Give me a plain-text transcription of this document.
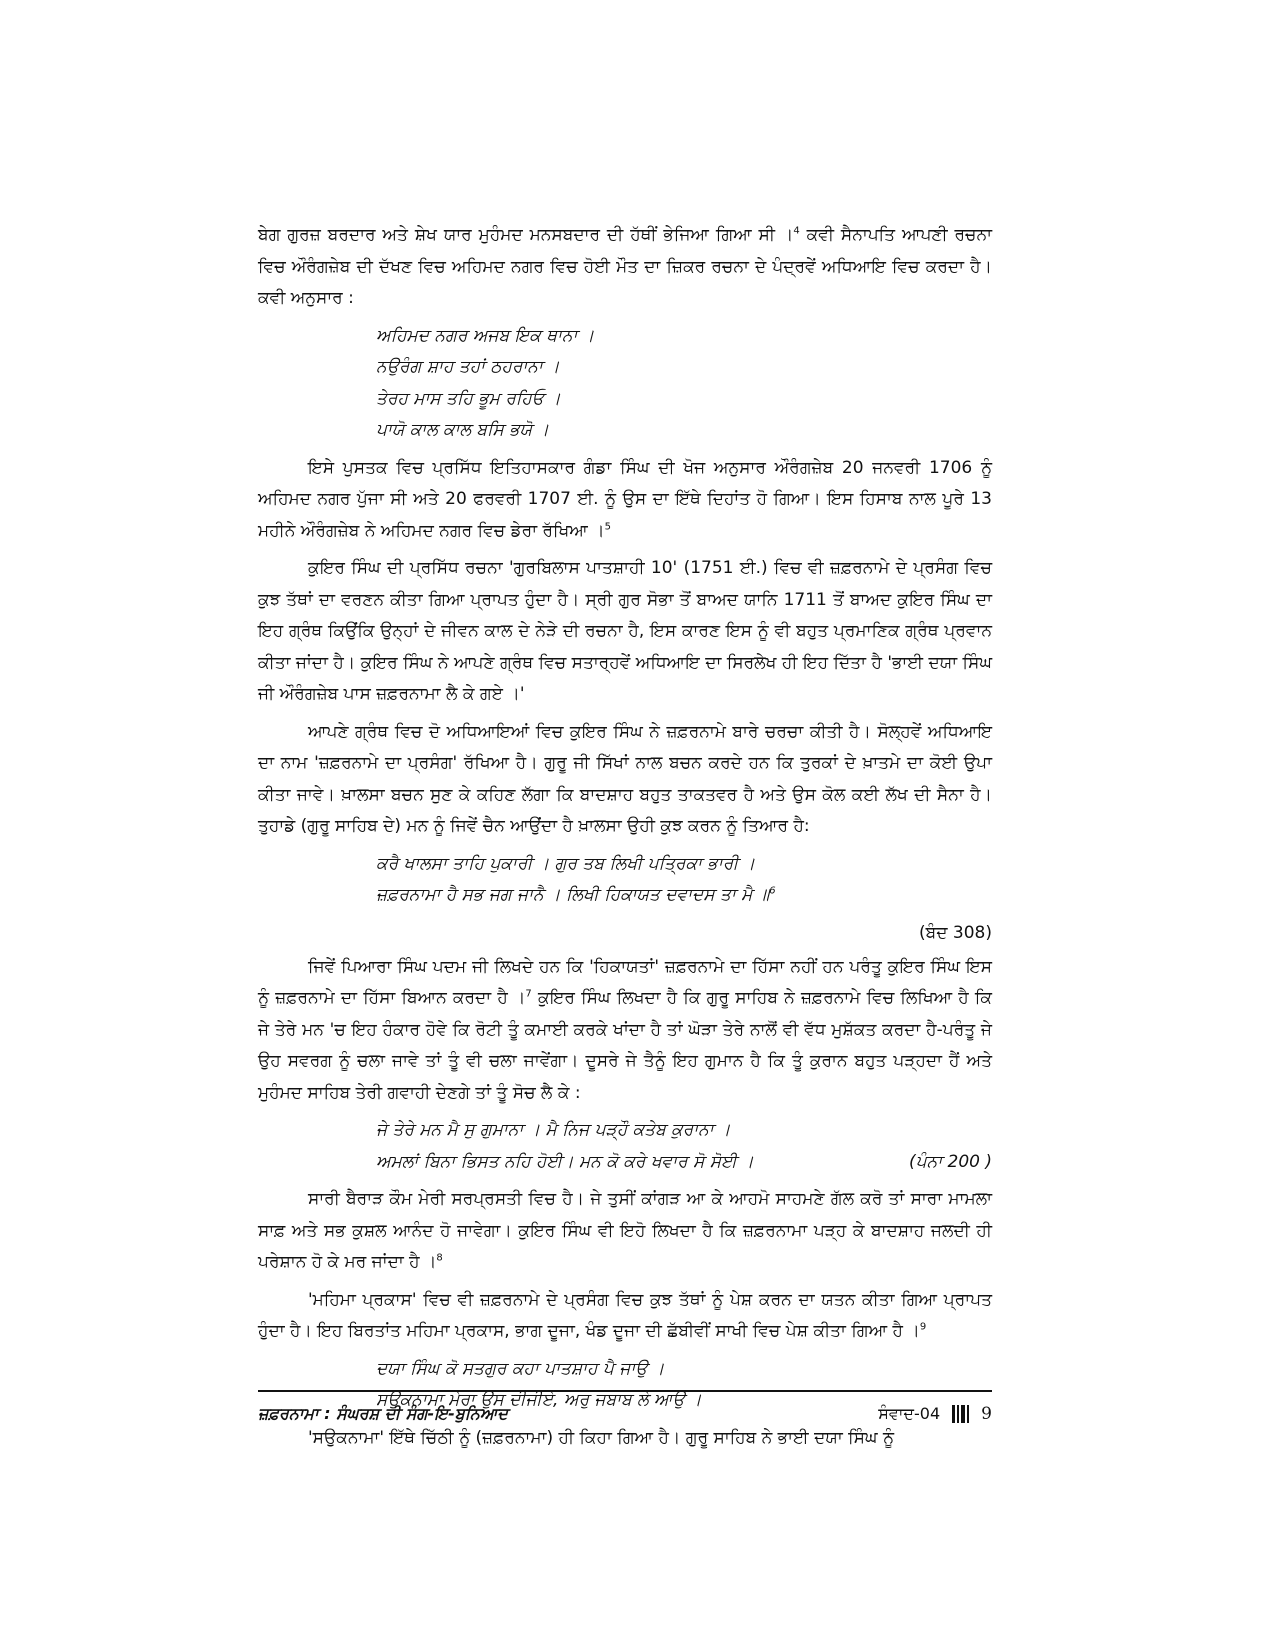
ਬੇਗ ਗੁਰਜ਼ ਬਰਦਾਰ ਅਤੇ ਸ਼ੇਖ ਯਾਰ ਮੁਹੰਮਦ ਮਨਸਬਦਾਰ ਦੀ ਹੱਥੀਂ ਭੇਜਿਆ ਗਿਆ ਸੀ ।$^4$ ਕਵੀ ਸੈਨਾਪਤਿ ਆਪਣੀ ਰਚਨਾ ਵਿਚ ਔਰੰਗਜ਼ੇਬ ਦੀ ਦੱਖਣ ਵਿਚ ਅਹਿਮਦ ਨਗਰ ਵਿਚ ਹੋਈ ਮੌਤ ਦਾ ਜ਼ਿਕਰ ਰਚਨਾ ਦੇ ਪੰਦ੍ਰਵੇਂ ਅਧਿਆਇ ਵਿਚ ਕਰਦਾ ਹੈ। ਕਵੀ ਅਨੁਸਾਰ :

ਅਹਿਮਦ ਨਗਰ ਅਜਬ ਇਕ ਥਾਨਾ ।
ਨਉਰੰਗ ਸ਼ਾਹ ਤਹਾਂ ਠਹਰਾਨਾ ।
ਤੇਰਹ ਮਾਸ ਤਹਿ ਭੂਮ ਰਹਿਓ ।
ਪਾਯੋ ਕਾਲ ਕਾਲ ਬਸਿ ਭਯੋ ।

ਇਸੇ ਪੁਸਤਕ ਵਿਚ ਪ੍ਰਸਿੱਧ ਇਤਿਹਾਸਕਾਰ ਗੰਡਾ ਸਿੰਘ ਦੀ ਖੋਜ ਅਨੁਸਾਰ ਔਰੰਗਜ਼ੇਬ 20 ਜਨਵਰੀ 1706 ਨੂੰ ਅਹਿਮਦ ਨਗਰ ਪੁੱਜਾ ਸੀ ਅਤੇ 20 ਫਰਵਰੀ 1707 ਈ. ਨੂੰ ਉਸ ਦਾ ਇੱਥੇ ਦਿਹਾਂਤ ਹੋ ਗਿਆ। ਇਸ ਹਿਸਾਬ ਨਾਲ ਪੂਰੇ 13 ਮਹੀਨੇ ਔਰੰਗਜ਼ੇਬ ਨੇ ਅਹਿਮਦ ਨਗਰ ਵਿਚ ਡੇਰਾ ਰੱਖਿਆ ।$^5$

ਕੁਇਰ ਸਿੰਘ ਦੀ ਪ੍ਰਸਿੱਧ ਰਚਨਾ 'ਗੁਰਬਿਲਾਸ ਪਾਤਸ਼ਾਹੀ 10' (1751 ਈ.) ਵਿਚ ਵੀ ਜ਼ਫ਼ਰਨਾਮੇ ਦੇ ਪ੍ਰਸੰਗ ਵਿਚ ਕੁਝ ਤੱਥਾਂ ਦਾ ਵਰਣਨ ਕੀਤਾ ਗਿਆ ਪ੍ਰਾਪਤ ਹੁੰਦਾ ਹੈ। ਸ੍ਰੀ ਗੁਰ ਸੋਭਾ ਤੋਂ ਬਾਅਦ ਯਾਨਿ 1711 ਤੋਂ ਬਾਅਦ ਕੁਇਰ ਸਿੰਘ ਦਾ ਇਹ ਗ੍ਰੰਥ ਕਿਉਂਕਿ ਉਨ੍ਹਾਂ ਦੇ ਜੀਵਨ ਕਾਲ ਦੇ ਨੇੜੇ ਦੀ ਰਚਨਾ ਹੈ, ਇਸ ਕਾਰਣ ਇਸ ਨੂੰ ਵੀ ਬਹੁਤ ਪ੍ਰਮਾਣਿਕ ਗ੍ਰੰਥ ਪ੍ਰਵਾਨ ਕੀਤਾ ਜਾਂਦਾ ਹੈ। ਕੁਇਰ ਸਿੰਘ ਨੇ ਆਪਣੇ ਗ੍ਰੰਥ ਵਿਚ ਸਤਾਰ੍ਹਵੇਂ ਅਧਿਆਇ ਦਾ ਸਿਰਲੇਖ ਹੀ ਇਹ ਦਿੱਤਾ ਹੈ 'ਭਾਈ ਦਯਾ ਸਿੰਘ ਜੀ ਔਰੰਗਜ਼ੇਬ ਪਾਸ ਜ਼ਫ਼ਰਨਾਮਾ ਲੈ ਕੇ ਗਏ ।'

ਆਪਣੇ ਗ੍ਰੰਥ ਵਿਚ ਦੋ ਅਧਿਆਇਆਂ ਵਿਚ ਕੁਇਰ ਸਿੰਘ ਨੇ ਜ਼ਫ਼ਰਨਾਮੇ ਬਾਰੇ ਚਰਚਾ ਕੀਤੀ ਹੈ। ਸੋਲ੍ਹਵੇਂ ਅਧਿਆਇ ਦਾ ਨਾਮ 'ਜ਼ਫ਼ਰਨਾਮੇ ਦਾ ਪ੍ਰਸੰਗ' ਰੱਖਿਆ ਹੈ। ਗੁਰੂ ਜੀ ਸਿੱਖਾਂ ਨਾਲ ਬਚਨ ਕਰਦੇ ਹਨ ਕਿ ਤੁਰਕਾਂ ਦੇ ਖ਼ਾਤਮੇ ਦਾ ਕੋਈ ਉਪਾ ਕੀਤਾ ਜਾਵੇ। ਖ਼ਾਲਸਾ ਬਚਨ ਸੁਣ ਕੇ ਕਹਿਣ ਲੱਗਾ ਕਿ ਬਾਦਸ਼ਾਹ ਬਹੁਤ ਤਾਕਤਵਰ ਹੈ ਅਤੇ ਉਸ ਕੋਲ ਕਈ ਲੱਖ ਦੀ ਸੈਨਾ ਹੈ। ਤੁਹਾਡੇ (ਗੁਰੂ ਸਾਹਿਬ ਦੇ) ਮਨ ਨੂੰ ਜਿਵੇਂ ਚੈਨ ਆਉਂਦਾ ਹੈ ਖ਼ਾਲਸਾ ਉਹੀ ਕੁਝ ਕਰਨ ਨੂੰ ਤਿਆਰ ਹੈ:

ਕਰੈ ਖਾਲਸਾ ਤਾਹਿ ਪੁਕਾਰੀ । ਗੁਰ ਤਬ ਲਿਖੀ ਪਤ੍ਰਿਕਾ ਭਾਰੀ ।
ਜ਼ਫ਼ਰਨਾਮਾ ਹੈ ਸਭ ਜਗ ਜਾਨੈ । ਲਿਖੀ ਹਿਕਾਯਤ ਦਵਾਦਸ ਤਾ ਮੈ ॥$^6$
(ਬੰਦ 308)

ਜਿਵੇਂ ਪਿਆਰਾ ਸਿੰਘ ਪਦਮ ਜੀ ਲਿਖਦੇ ਹਨ ਕਿ 'ਹਿਕਾਯਤਾਂ' ਜ਼ਫ਼ਰਨਾਮੇ ਦਾ ਹਿੱਸਾ ਨਹੀਂ ਹਨ ਪਰੰਤੂ ਕੁਇਰ ਸਿੰਘ ਇਸ ਨੂੰ ਜ਼ਫ਼ਰਨਾਮੇ ਦਾ ਹਿੱਸਾ ਬਿਆਨ ਕਰਦਾ ਹੈ ।$^7$ ਕੁਇਰ ਸਿੰਘ ਲਿਖਦਾ ਹੈ ਕਿ ਗੁਰੂ ਸਾਹਿਬ ਨੇ ਜ਼ਫ਼ਰਨਾਮੇ ਵਿਚ ਲਿਖਿਆ ਹੈ ਕਿ ਜੇ ਤੇਰੇ ਮਨ 'ਚ ਇਹ ਹੰਕਾਰ ਹੋਵੇ ਕਿ ਰੋਟੀ ਤੂੰ ਕਮਾਈ ਕਰਕੇ ਖਾਂਦਾ ਹੈ ਤਾਂ ਘੋੜਾ ਤੇਰੇ ਨਾਲੋਂ ਵੀ ਵੱਧ ਮੁਸ਼ੱਕਤ ਕਰਦਾ ਹੈ-ਪਰੰਤੂ ਜੇ ਉਹ ਸਵਰਗ ਨੂੰ ਚਲਾ ਜਾਵੇ ਤਾਂ ਤੂੰ ਵੀ ਚਲਾ ਜਾਵੇਂਗਾ। ਦੂਸਰੇ ਜੇ ਤੈਨੂੰ ਇਹ ਗੁਮਾਨ ਹੈ ਕਿ ਤੂੰ ਕੁਰਾਨ ਬਹੁਤ ਪੜ੍ਹਦਾ ਹੈਂ ਅਤੇ ਮੁਹੰਮਦ ਸਾਹਿਬ ਤੇਰੀ ਗਵਾਹੀ ਦੇਣਗੇ ਤਾਂ ਤੂੰ ਸੋਚ ਲੈ ਕੇ :

ਜੇ ਤੇਰੇ ਮਨ ਮੈ ਸੁ ਗੁਮਾਨਾ । ਮੈ ਨਿਜ ਪੜ੍ਹੌ ਕਤੇਬ ਕੁਰਾਨਾ ।
ਅਮਲਾਂ ਬਿਨਾ ਭਿਸਤ ਨਹਿ ਹੋਈ। ਮਨ ਕੋ ਕਰੇ ਖਵਾਰ ਸੋ ਸੋਈ ।	(ਪੰਨਾ 200 )

ਸਾਰੀ ਬੈਰਾੜ ਕੌਮ ਮੇਰੀ ਸਰਪ੍ਰਸਤੀ ਵਿਚ ਹੈ। ਜੇ ਤੁਸੀਂ ਕਾਂਗੜ ਆ ਕੇ ਆਹਮੋ ਸਾਹਮਣੇ ਗੱਲ ਕਰੋ ਤਾਂ ਸਾਰਾ ਮਾਮਲਾ ਸਾਫ਼ ਅਤੇ ਸਭ ਕੁਸ਼ਲ ਆਨੰਦ ਹੋ ਜਾਵੇਗਾ। ਕੁਇਰ ਸਿੰਘ ਵੀ ਇਹੋ ਲਿਖਦਾ ਹੈ ਕਿ ਜ਼ਫ਼ਰਨਾਮਾ ਪੜ੍ਹ ਕੇ ਬਾਦਸ਼ਾਹ ਜਲਦੀ ਹੀ ਪਰੇਸ਼ਾਨ ਹੋ ਕੇ ਮਰ ਜਾਂਦਾ ਹੈ ।$^8$

'ਮਹਿਮਾ ਪ੍ਰਕਾਸ' ਵਿਚ ਵੀ ਜ਼ਫ਼ਰਨਾਮੇ ਦੇ ਪ੍ਰਸੰਗ ਵਿਚ ਕੁਝ ਤੱਥਾਂ ਨੂੰ ਪੇਸ਼ ਕਰਨ ਦਾ ਯਤਨ ਕੀਤਾ ਗਿਆ ਪ੍ਰਾਪਤ ਹੁੰਦਾ ਹੈ। ਇਹ ਬਿਰਤਾਂਤ ਮਹਿਮਾ ਪ੍ਰਕਾਸ, ਭਾਗ ਦੂਜਾ, ਖੰਡ ਦੂਜਾ ਦੀ ਛੱਬੀਵੀਂ ਸਾਖੀ ਵਿਚ ਪੇਸ਼ ਕੀਤਾ ਗਿਆ ਹੈ ।$^9$

ਦਯਾ ਸਿੰਘ ਕੋ ਸਤਗੁਰ ਕਹਾ ਪਾਤਸ਼ਾਹ ਪੈ ਜਾਉ ।
ਸਉਕਨਾਮਾ ਮੇਰਾ ਉਸ ਦੀਜੀਏ, ਅਰੁ ਜਬਾਬ ਲੇ ਆਉ ।

'ਸਉਕਨਾਮਾ' ਇੱਥੇ ਚਿੱਠੀ ਨੂੰ (ਜ਼ਫ਼ਰਨਾਮਾ) ਹੀ ਕਿਹਾ ਗਿਆ ਹੈ। ਗੁਰੂ ਸਾਹਿਬ ਨੇ ਭਾਈ ਦਯਾ ਸਿੰਘ ਨੂੰ

ਜ਼ਫ਼ਰਨਾਮਾ : ਸੰਘਰਸ਼ ਦੀ ਸੰਗ-ਇ-ਬੁਨਿਆਦ	ਸੰਵਾਦ-04 9
